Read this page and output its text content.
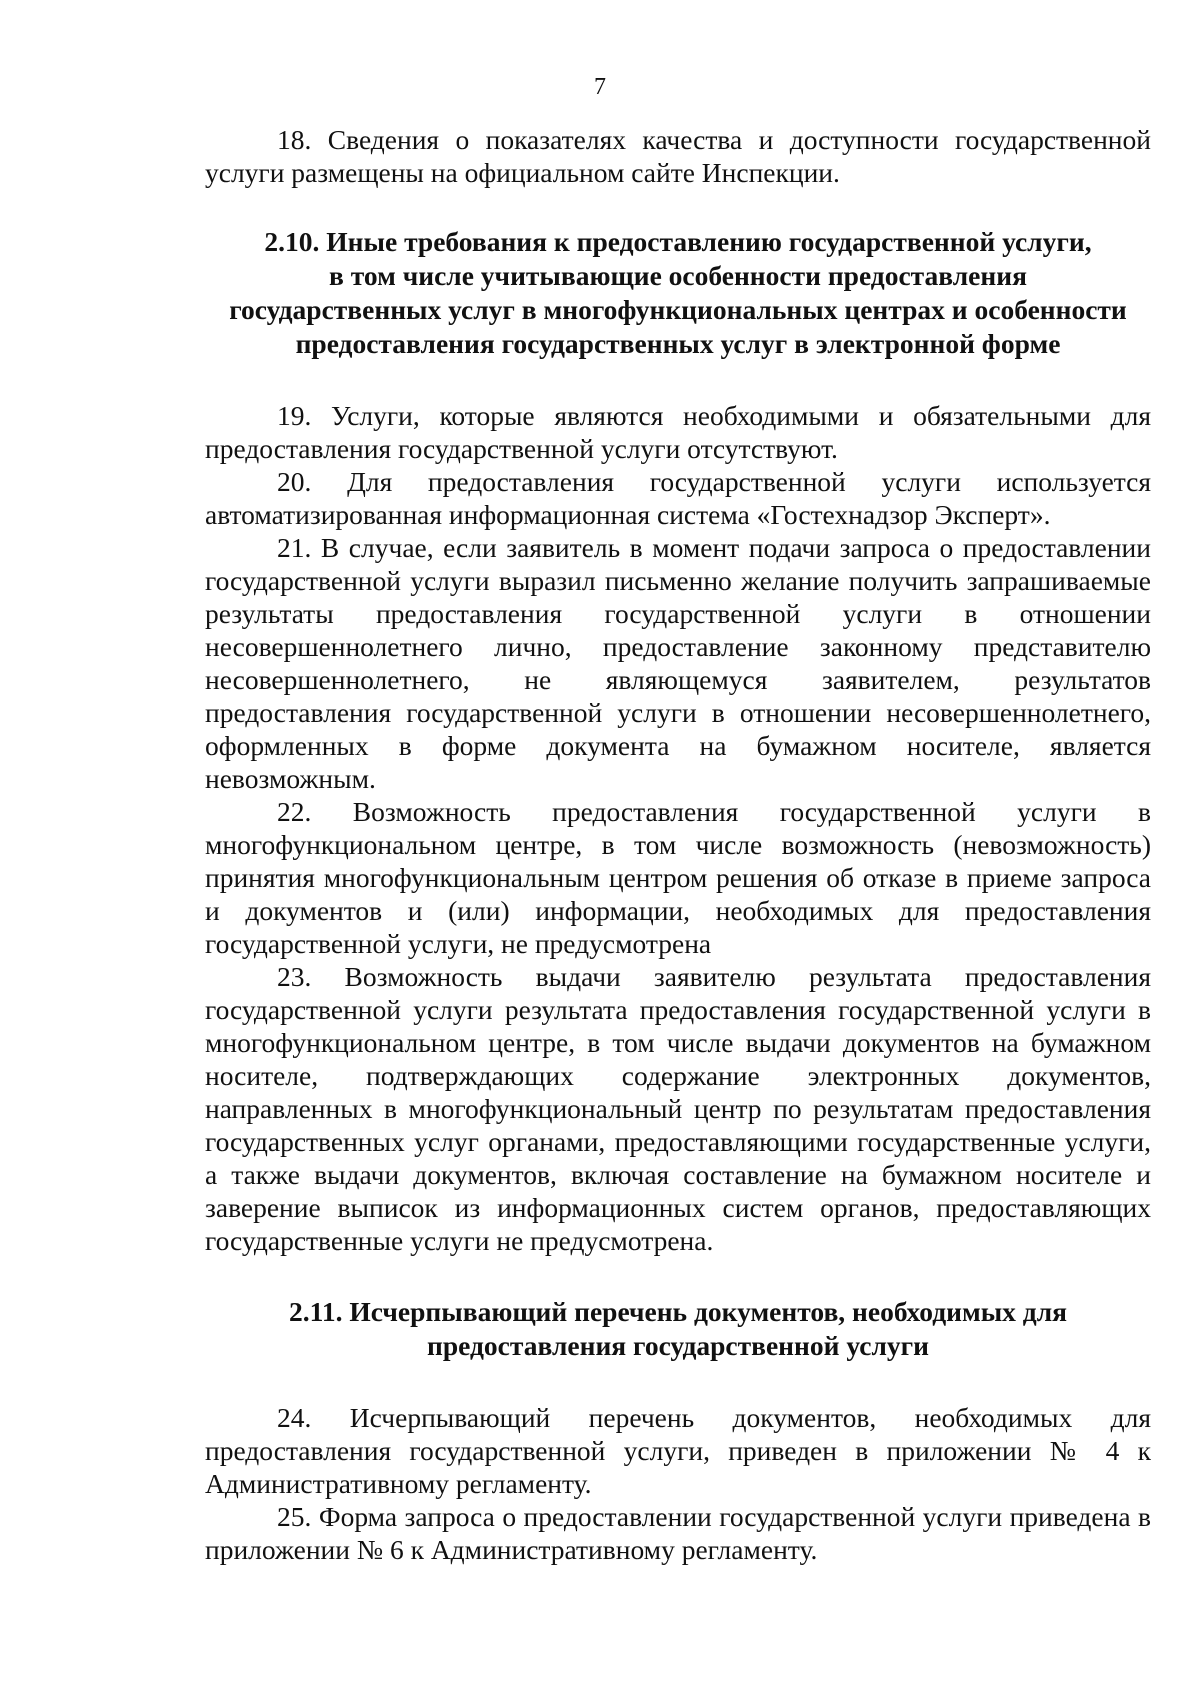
7

18. Сведения о показателях качества и доступности государственной услуги размещены на официальном сайте Инспекции.

2.10. Иные требования к предоставлению государственной услуги,
в том числе учитывающие особенности предоставления
государственных услуг в многофункциональных центрах и особенности
предоставления государственных услуг в электронной форме

19. Услуги, которые являются необходимыми и обязательными для предоставления государственной услуги отсутствуют.

20. Для предоставления государственной услуги используется автоматизированная информационная система «Гостехнадзор Эксперт».

21. В случае, если заявитель в момент подачи запроса о предоставлении государственной услуги выразил письменно желание получить запрашиваемые результаты предоставления государственной услуги в отношении несовершеннолетнего лично, предоставление законному представителю несовершеннолетнего, не являющемуся заявителем, результатов предоставления государственной услуги в отношении несовершеннолетнего, оформленных в форме документа на бумажном носителе, является невозможным.

22. Возможность предоставления государственной услуги в многофункциональном центре, в том числе возможность (невозможность) принятия многофункциональным центром решения об отказе в приеме запроса и документов и (или) информации, необходимых для предоставления государственной услуги, не предусмотрена

23. Возможность выдачи заявителю результата предоставления государственной услуги результата предоставления государственной услуги в многофункциональном центре, в том числе выдачи документов на бумажном носителе, подтверждающих содержание электронных документов, направленных в многофункциональный центр по результатам предоставления государственных услуг органами, предоставляющими государственные услуги, а также выдачи документов, включая составление на бумажном носителе и заверение выписок из информационных систем органов, предоставляющих государственные услуги не предусмотрена.

2.11. Исчерпывающий перечень документов, необходимых для
предоставления государственной услуги

24. Исчерпывающий перечень документов, необходимых для предоставления государственной услуги, приведен в приложении № 4 к Административному регламенту.

25. Форма запроса о предоставлении государственной услуги приведена в приложении № 6 к Административному регламенту.
